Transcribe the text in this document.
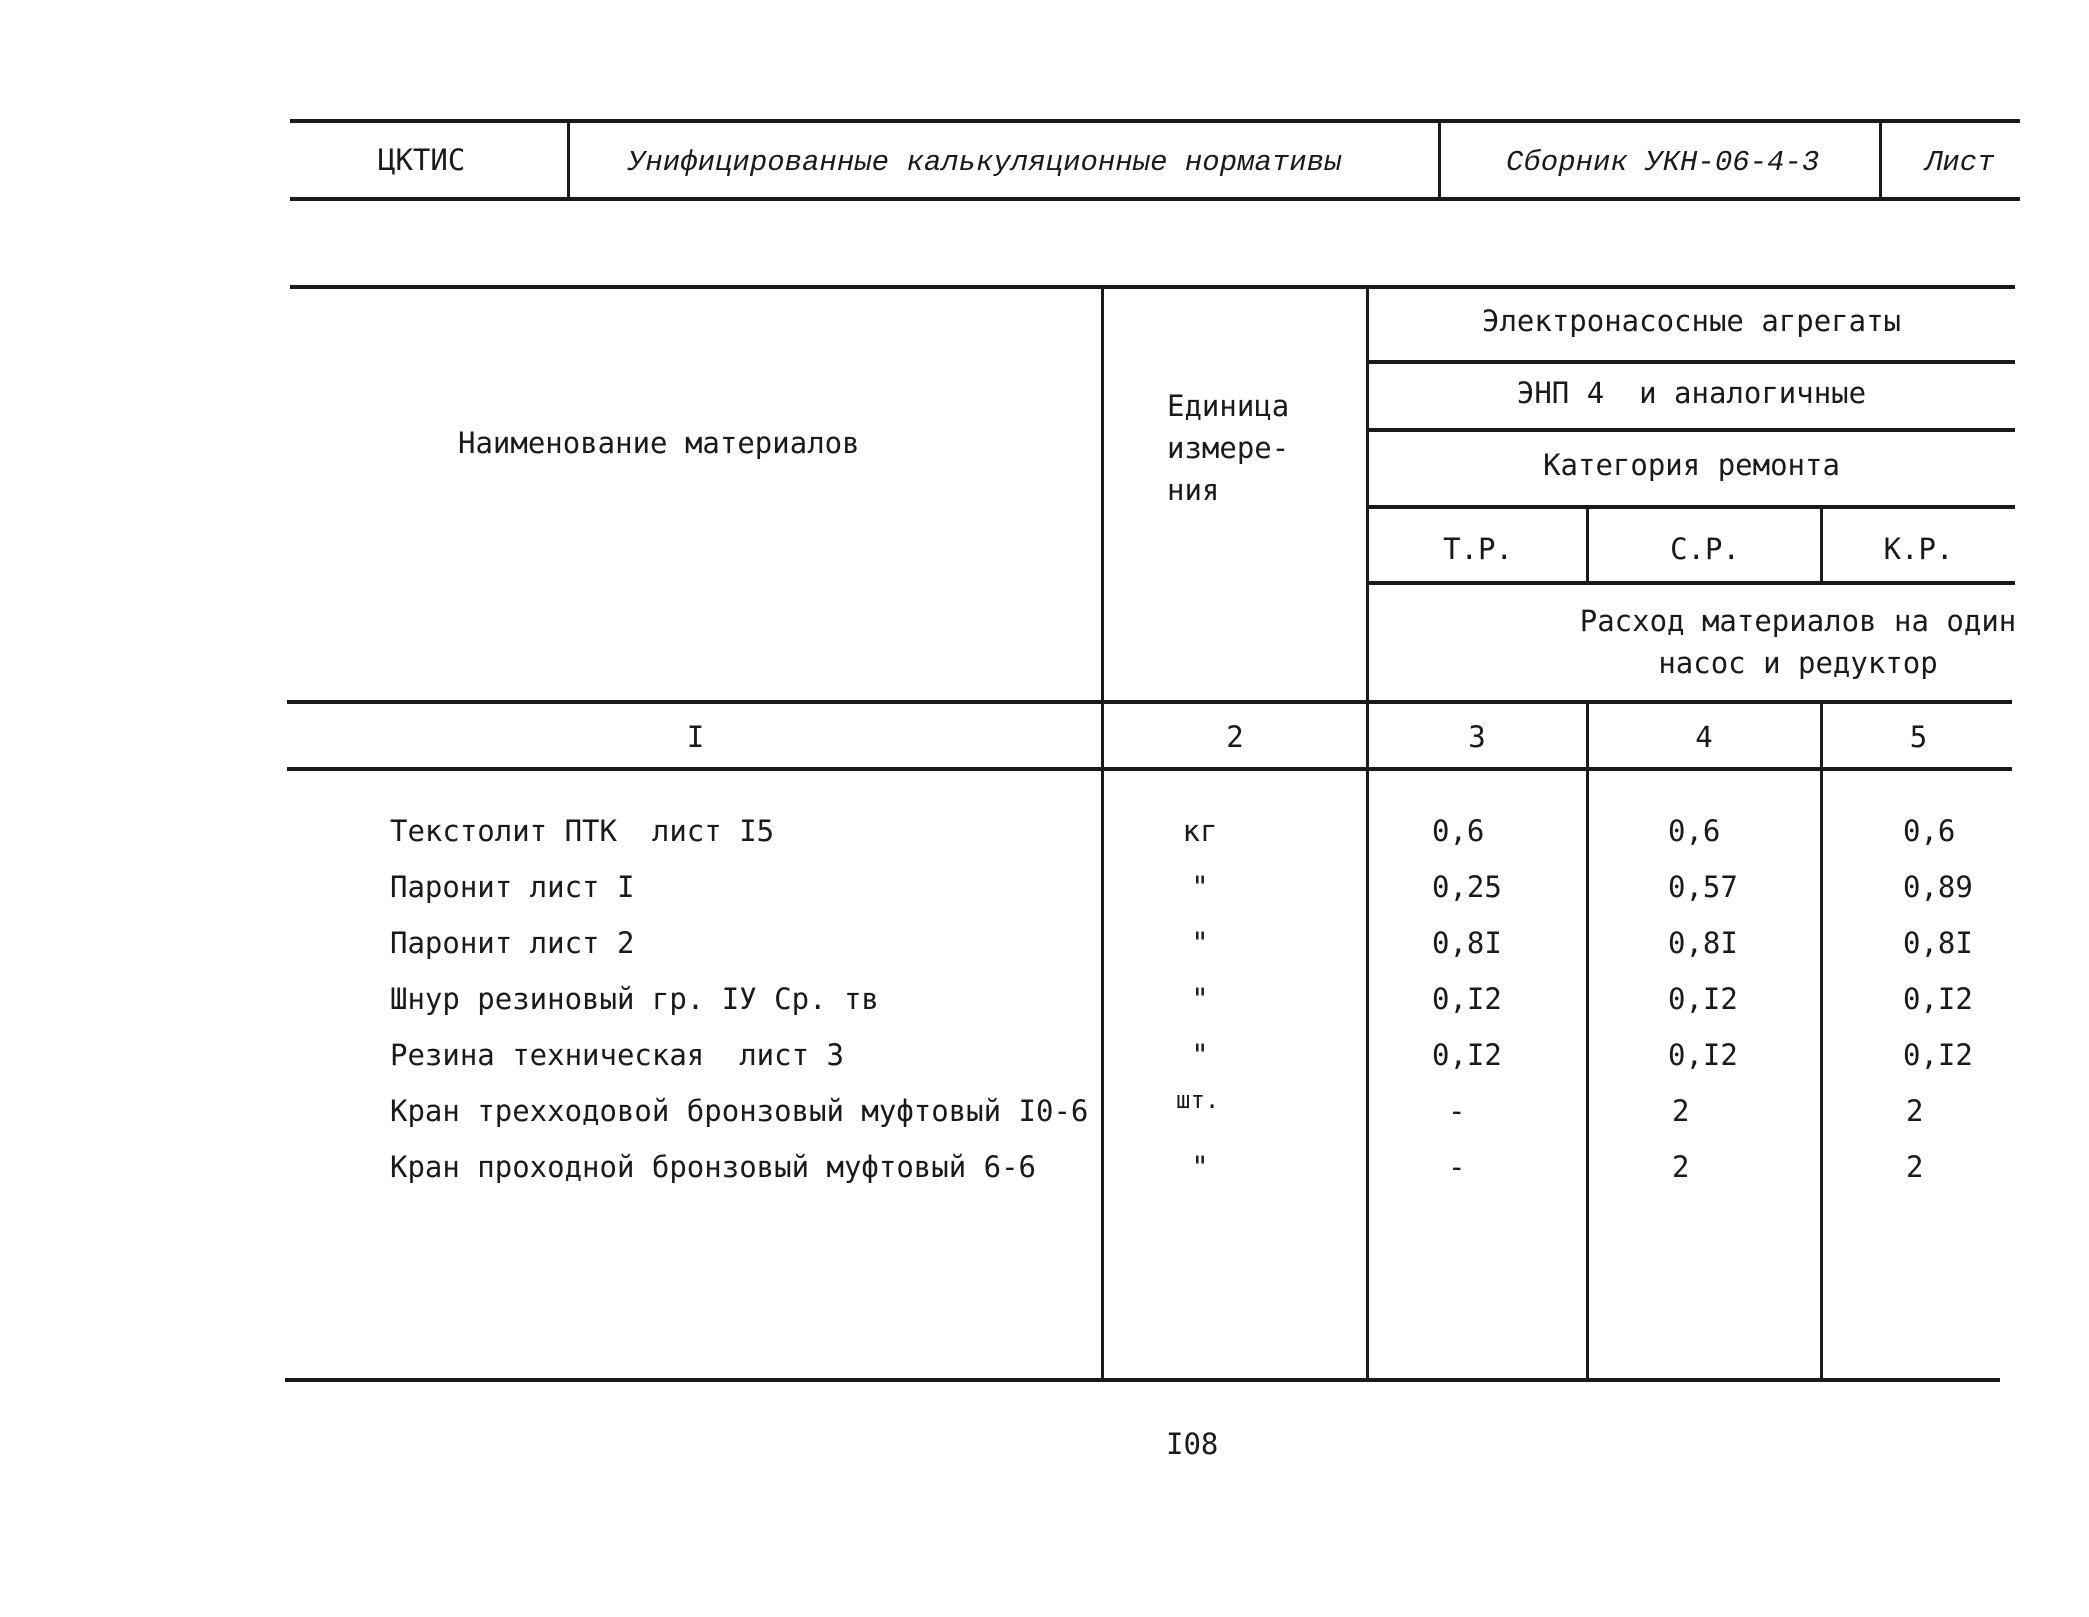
ЦКТИС	Унифицированные калькуляционные нормативы	Сборник УКН-06-4-3	Лист
Наименование материалов
Единица
измере-
ния
Электронасосные агрегаты
ЭНП 4  и аналогичные
Категория ремонта
Т.Р.	С.Р.	К.Р.
Расход материалов на один
насос и редуктор
I	2	3	4	5
Текстолит ПТК  лист I5	кг	0,6	0,6	0,6
Паронит лист I	"	0,25	0,57	0,89
Паронит лист 2	"	0,8I	0,8I	0,8I
Шнур резиновый гр. IУ Ср. тв	"	0,I2	0,I2	0,I2
Резина техническая  лист 3	"	0,I2	0,I2	0,I2
Кран трехходовой бронзовый муфтовый I0-6	шт.	-	2	2
Кран проходной бронзовый муфтовый 6-6	"	-	2	2
I08
